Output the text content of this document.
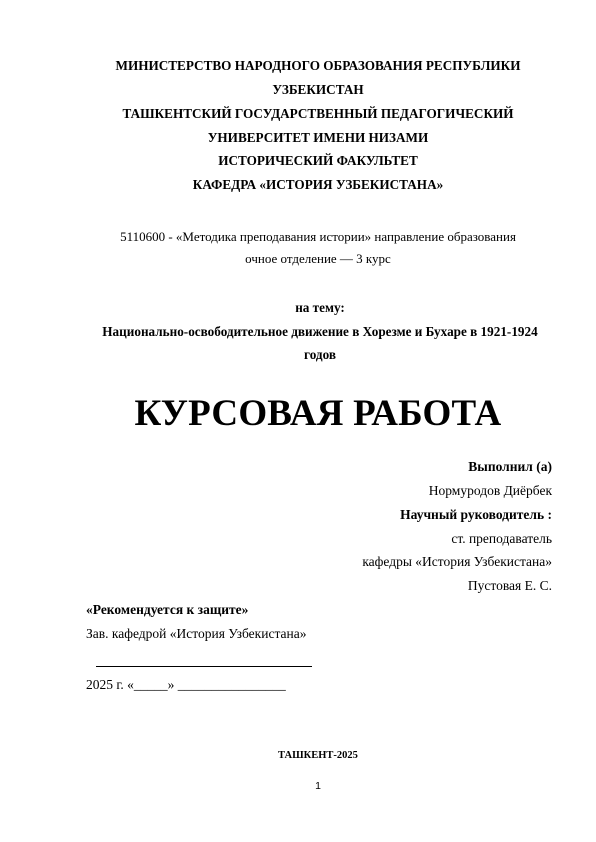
МИНИСТЕРСТВО НАРОДНОГО ОБРАЗОВАНИЯ РЕСПУБЛИКИ
УЗБЕКИСТАН
ТАШКЕНТСКИЙ ГОСУДАРСТВЕННЫЙ ПЕДАГОГИЧЕСКИЙ
УНИВЕРСИТЕТ ИМЕНИ НИЗАМИ
ИСТОРИЧЕСКИЙ ФАКУЛЬТЕТ
КАФЕДРА «ИСТОРИЯ УЗБЕКИСТАНА»
5110600 - «Методика преподавания истории» направление образования
очное отделение — 3 курс
на тему:
Национально-освободительное движение в Хорезме и Бухаре в 1921-1924
годов
КУРСОВАЯ РАБОТА
Выполнил (а)
Нормуродов Диёрбек
Научный руководитель :
ст. преподаватель
кафедры «История Узбекистана»
Пустовая Е. С.
«Рекомендуется к защите»
Зав. кафедрой «История Узбекистана»
2025 г. «_____» ________________
ТАШКЕНТ-2025
1
